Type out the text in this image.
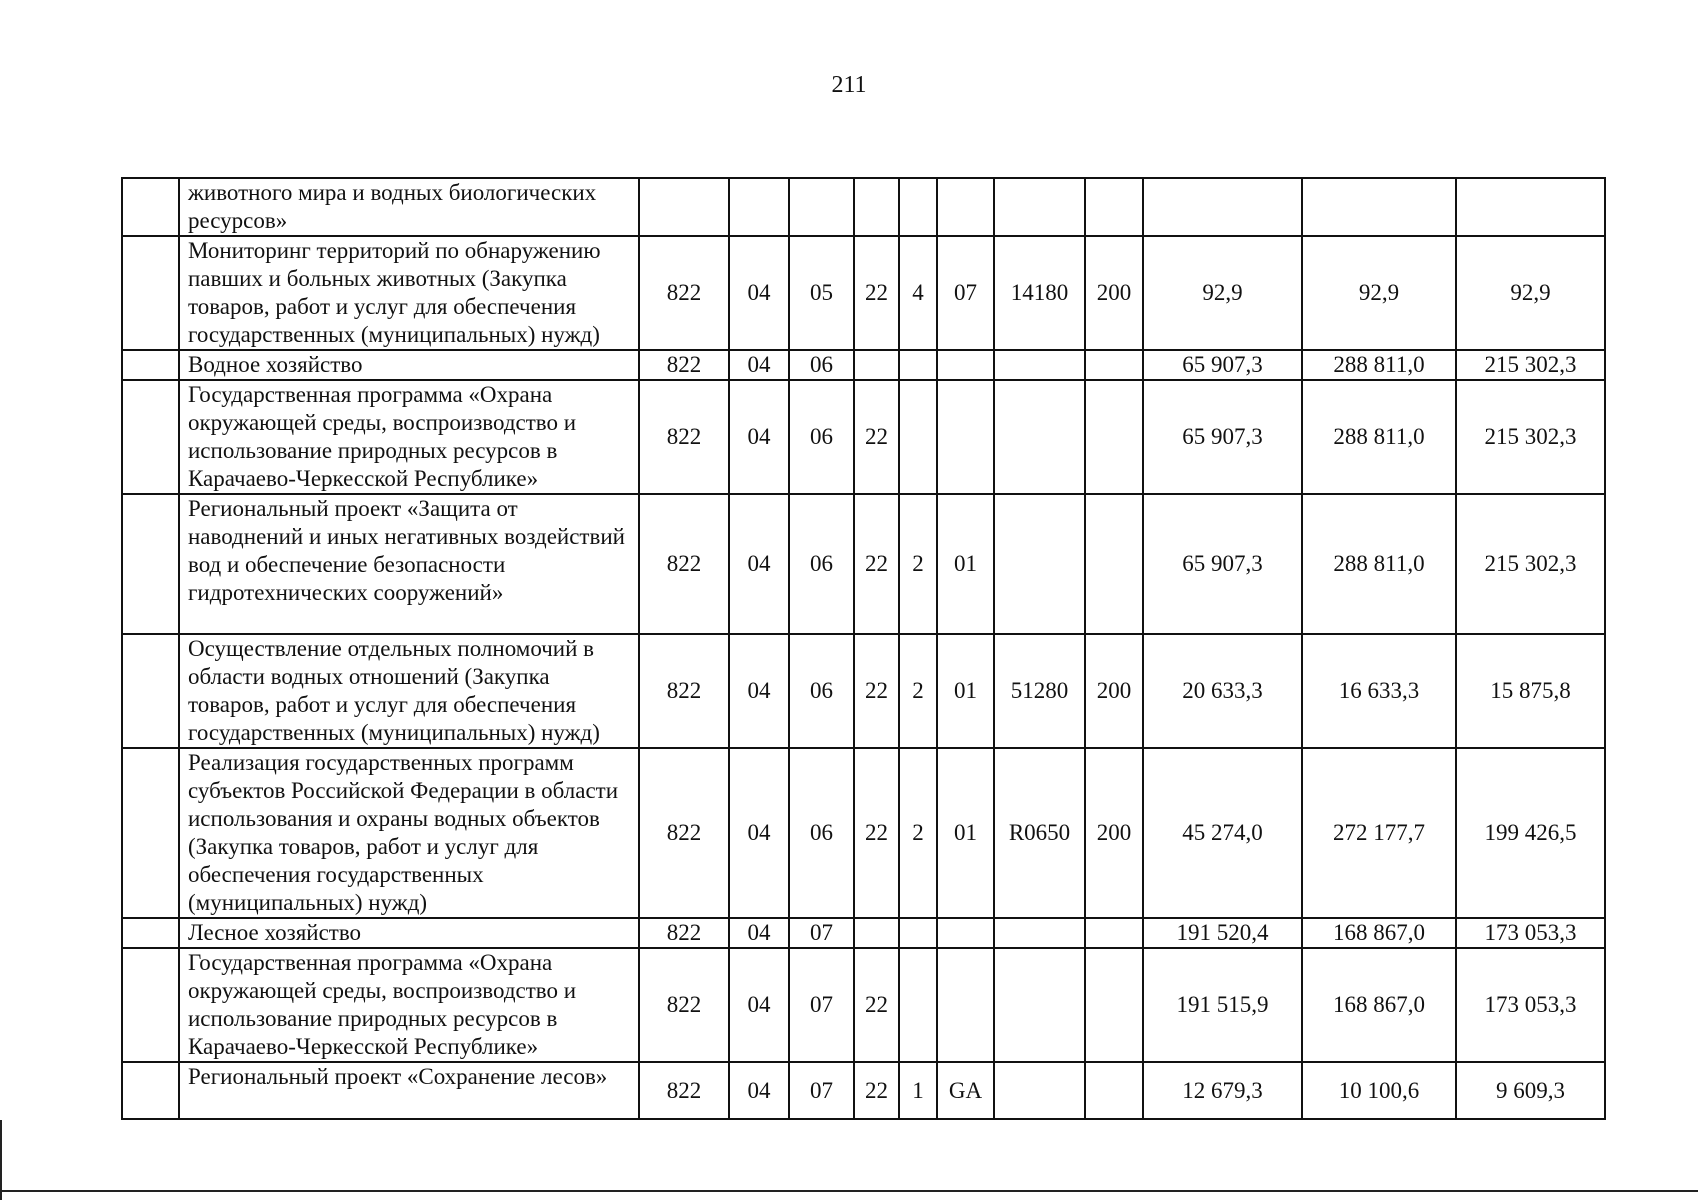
211
	животного мира и водных биологических ресурсов»											
	Мониторинг территорий по обнаружению павших и больных животных (Закупка товаров, работ и услуг для обеспечения государственных (муниципальных) нужд)	822	04	05	22	4	07	14180	200	92,9	92,9	92,9
	Водное хозяйство	822	04	06						65 907,3	288 811,0	215 302,3
	Государственная программа «Охрана окружающей среды, воспроизводство и использование природных ресурсов в Карачаево-Черкесской Республике»	822	04	06	22					65 907,3	288 811,0	215 302,3
	Региональный проект «Защита от наводнений и иных негативных воздействий вод и обеспечение безопасности гидротехнических сооружений»	822	04	06	22	2	01			65 907,3	288 811,0	215 302,3
	Осуществление отдельных полномочий в области водных отношений (Закупка товаров, работ и услуг для обеспечения государственных (муниципальных) нужд)	822	04	06	22	2	01	51280	200	20 633,3	16 633,3	15 875,8
	Реализация государственных программ субъектов Российской Федерации в области использования и охраны водных объектов (Закупка товаров, работ и услуг для обеспечения государственных (муниципальных) нужд)	822	04	06	22	2	01	R0650	200	45 274,0	272 177,7	199 426,5
	Лесное хозяйство	822	04	07						191 520,4	168 867,0	173 053,3
	Государственная программа «Охрана окружающей среды, воспроизводство и использование природных ресурсов в Карачаево-Черкесской Республике»	822	04	07	22					191 515,9	168 867,0	173 053,3
	Региональный проект «Сохранение лесов»	822	04	07	22	1	GA			12 679,3	10 100,6	9 609,3
